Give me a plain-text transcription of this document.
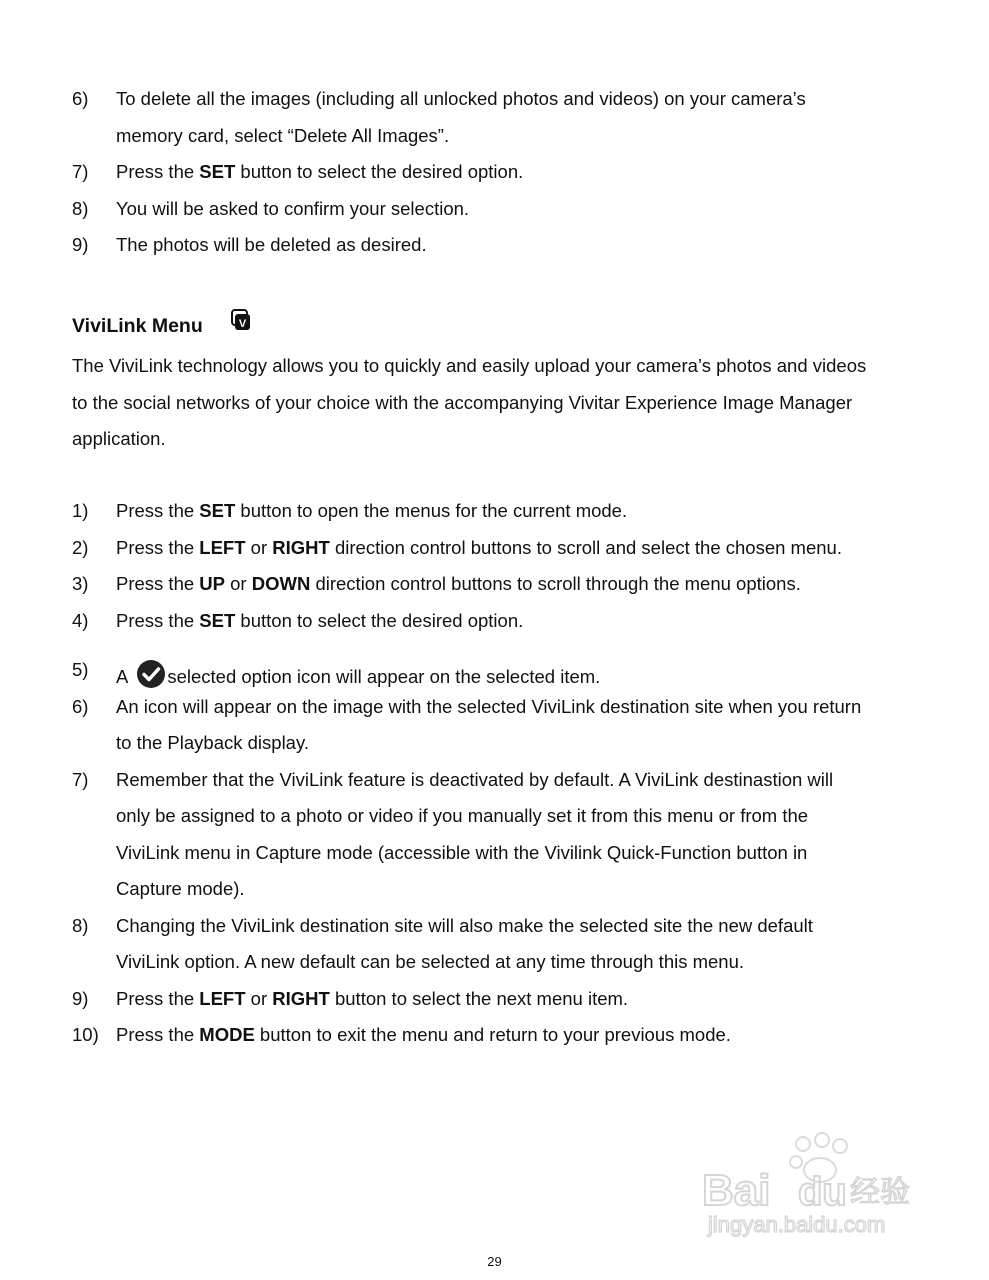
6) To delete all the images (including all unlocked photos and videos) on your camera’s
memory card, select “Delete All Images”.
7) Press the SET button to select the desired option.
8) You will be asked to confirm your selection.
9) The photos will be deleted as desired.
ViviLink Menu	V
The ViviLink technology allows you to quickly and easily upload your camera’s photos and videos
to the social networks of your choice with the accompanying Vivitar Experience Image Manager
application.
1) Press the SET button to open the menus for the current mode.
2) Press the LEFT or RIGHT direction control buttons to scroll and select the chosen menu.
3) Press the UP or DOWN direction control buttons to scroll through the menu options.
4) Press the SET button to select the desired option.
5) A selected option icon will appear on the selected item.
6) An icon will appear on the image with the selected ViviLink destination site when you return
to the Playback display.
7) Remember that the ViviLink feature is deactivated by default. A ViviLink destinastion will
only be assigned to a photo or video if you manually set it from this menu or from the
ViviLink menu in Capture mode (accessible with the Vivilink Quick-Function button in
Capture mode).
8) Changing the ViviLink destination site will also make the selected site the new default
ViviLink option. A new default can be selected at any time through this menu.
9) Press the LEFT or RIGHT button to select the next menu item.
10) Press the MODE button to exit the menu and return to your previous mode.
Bai du 经验
jingyan.baidu.com
29
